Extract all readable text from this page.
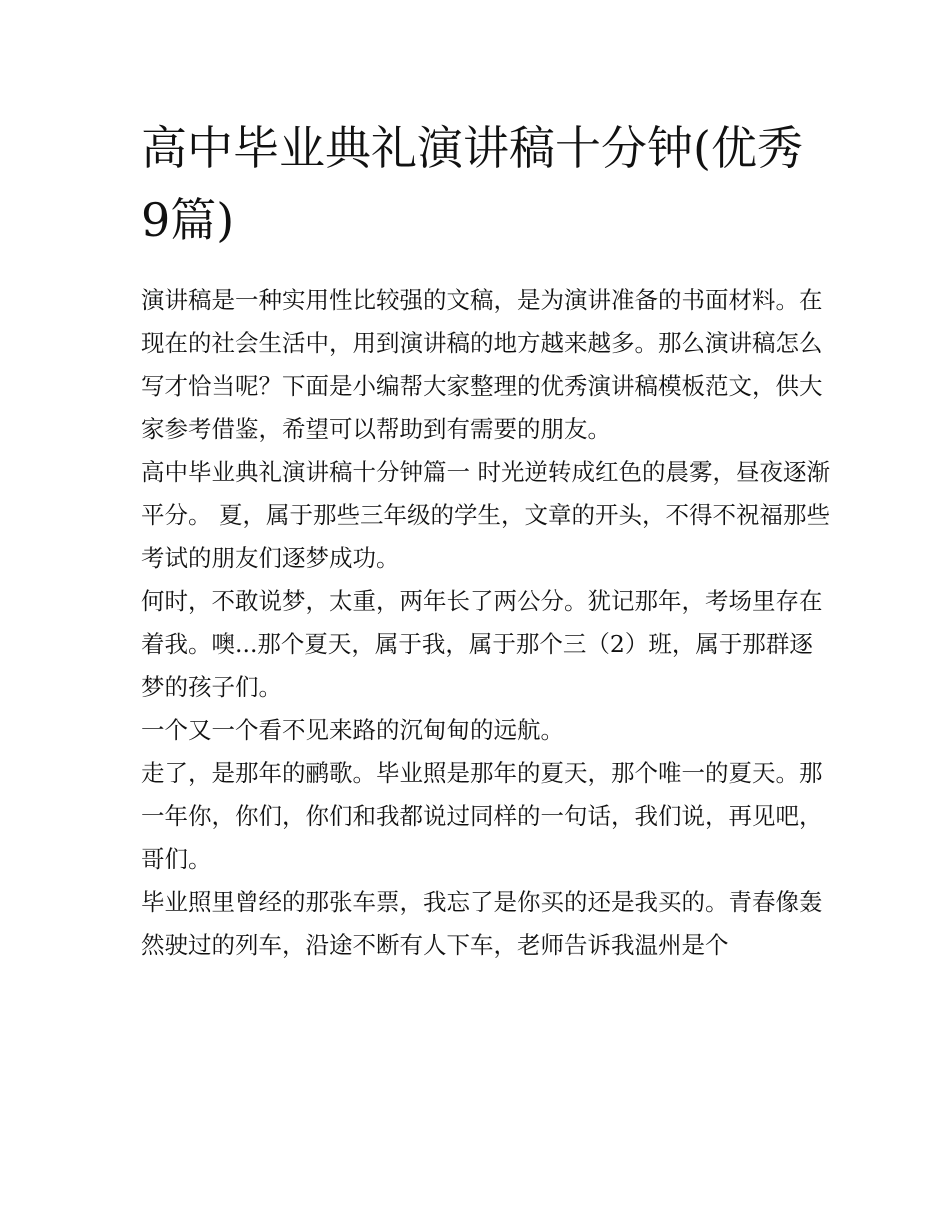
高中毕业典礼演讲稿十分钟(优秀9篇)

演讲稿是一种实用性比较强的文稿，是为演讲准备的书面材料。在现在的社会生活中，用到演讲稿的地方越来越多。那么演讲稿怎么写才恰当呢？下面是小编帮大家整理的优秀演讲稿模板范文，供大家参考借鉴，希望可以帮助到有需要的朋友。

高中毕业典礼演讲稿十分钟篇一 时光逆转成红色的晨雾，昼夜逐渐平分。 夏，属于那些三年级的学生，文章的开头，不得不祝福那些考试的朋友们逐梦成功。

何时，不敢说梦，太重，两年长了两公分。犹记那年，考场里存在着我。噢...那个夏天，属于我，属于那个三（2）班，属于那群逐梦的孩子们。

一个又一个看不见来路的沉甸甸的远航。

走了，是那年的鹂歌。毕业照是那年的夏天，那个唯一的夏天。那一年你，你们，你们和我都说过同样的一句话，我们说，再见吧，哥们。

毕业照里曾经的那张车票，我忘了是你买的还是我买的。青春像轰然驶过的列车，沿途不断有人下车，老师告诉我温州是个
